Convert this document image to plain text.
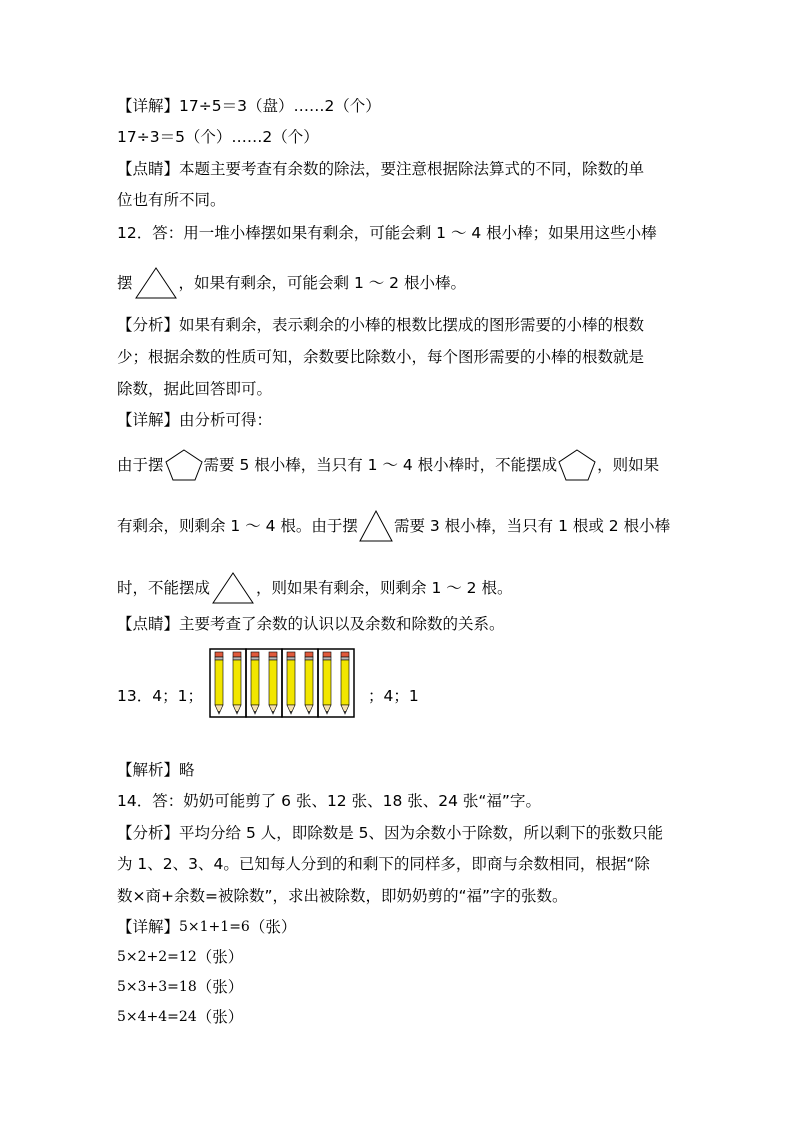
【详解】17÷5＝3（盘）……2（个）
17÷3＝5（个）……2（个）
【点睛】本题主要考查有余数的除法，要注意根据除法算式的不同，除数的单
位也有所不同。
12．答：用一堆小棒摆如果有剩余，可能会剩 1 ～ 4 根小棒；如果用这些小棒
摆	，如果有剩余，可能会剩 1 ～ 2 根小棒。
【分析】如果有剩余，表示剩余的小棒的根数比摆成的图形需要的小棒的根数
少；根据余数的性质可知，余数要比除数小，每个图形需要的小棒的根数就是
除数，据此回答即可。
【详解】由分析可得：
由于摆	需要 5 根小棒，当只有 1 ～ 4 根小棒时，不能摆成	，则如果
有剩余，则剩余 1 ～ 4 根。由于摆 需要 3 根小棒，当只有 1 根或 2 根小棒
时，不能摆成	，则如果有剩余，则剩余 1 ～ 2 根。
【点睛】主要考查了余数的认识以及余数和除数的关系。
13．4；1；	；4；1
【解析】略
14．答：奶奶可能剪了 6 张、12 张、18 张、24 张“福”字。
【分析】平均分给 5 人，即除数是 5、因为余数小于除数，所以剩下的张数只能
为 1、2、3、4。已知每人分到的和剩下的同样多，即商与余数相同，根据“除
数×商+余数=被除数”，求出被除数，即奶奶剪的“福”字的张数。
【详解】5×1+1=6（张）
5×2+2=12（张）
5×3+3=18（张）
5×4+4=24（张）
